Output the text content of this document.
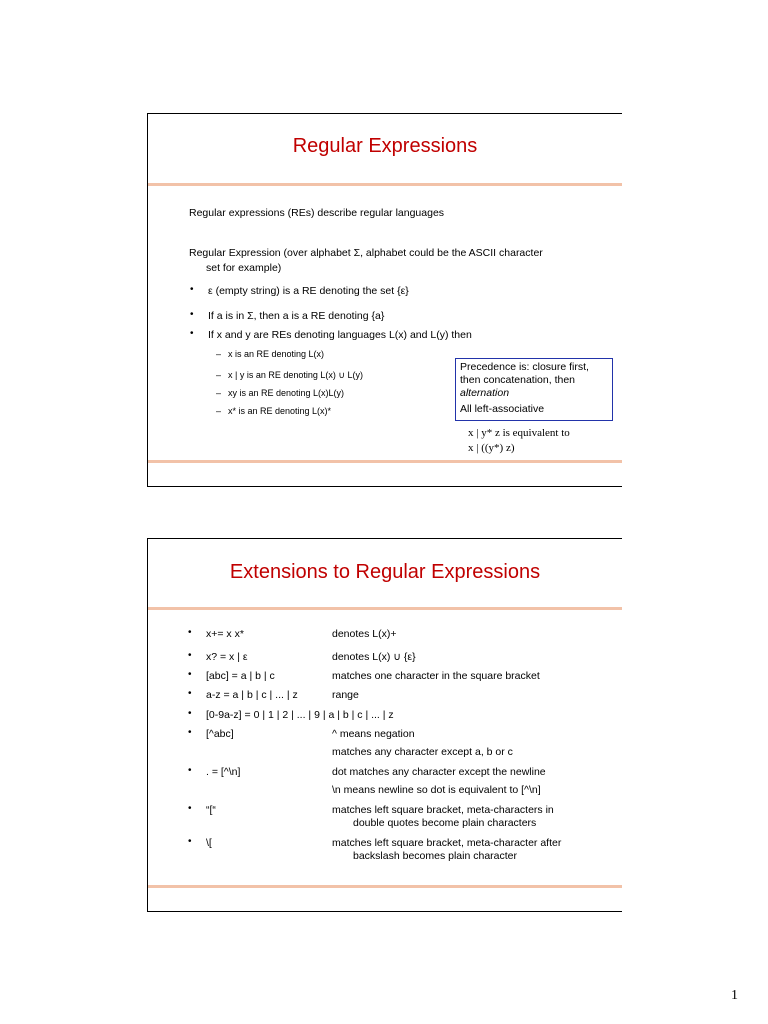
Regular Expressions
Regular expressions (REs) describe regular languages
Regular Expression (over alphabet Σ, alphabet could be the ASCII character
set for example)
• ε (empty string) is a RE denoting the set {ε}
• If a is in Σ, then a is a RE denoting {a}
• If x and y are REs denoting languages L(x) and L(y) then
– x is an RE denoting L(x)
– x | y is an RE denoting L(x) ∪ L(y)
– xy is an RE denoting L(x)L(y)
– x* is an RE denoting L(x)*
Precedence is: closure first,
then concatenation, then
alternation
All left-associative
x | y* z is equivalent to
x | ((y*) z)
Extensions to Regular Expressions
• x+= x x*	denotes L(x)+
• x? = x | ε	denotes L(x) ∪ {ε}
• [abc] = a | b | c	matches one character in the square bracket
• a-z = a | b | c | ... | z	range
• [0-9a-z] = 0 | 1 | 2 | ... | 9 | a | b | c | ... | z
• [^abc]	^ means negation
matches any character except a, b or c
• . = [^\n]	dot matches any character except the newline
\n means newline so dot is equivalent to [^\n]
• “[“	matches left square bracket, meta-characters in
double quotes become plain characters
• \[	matches left square bracket, meta-character after
backslash becomes plain character
1
